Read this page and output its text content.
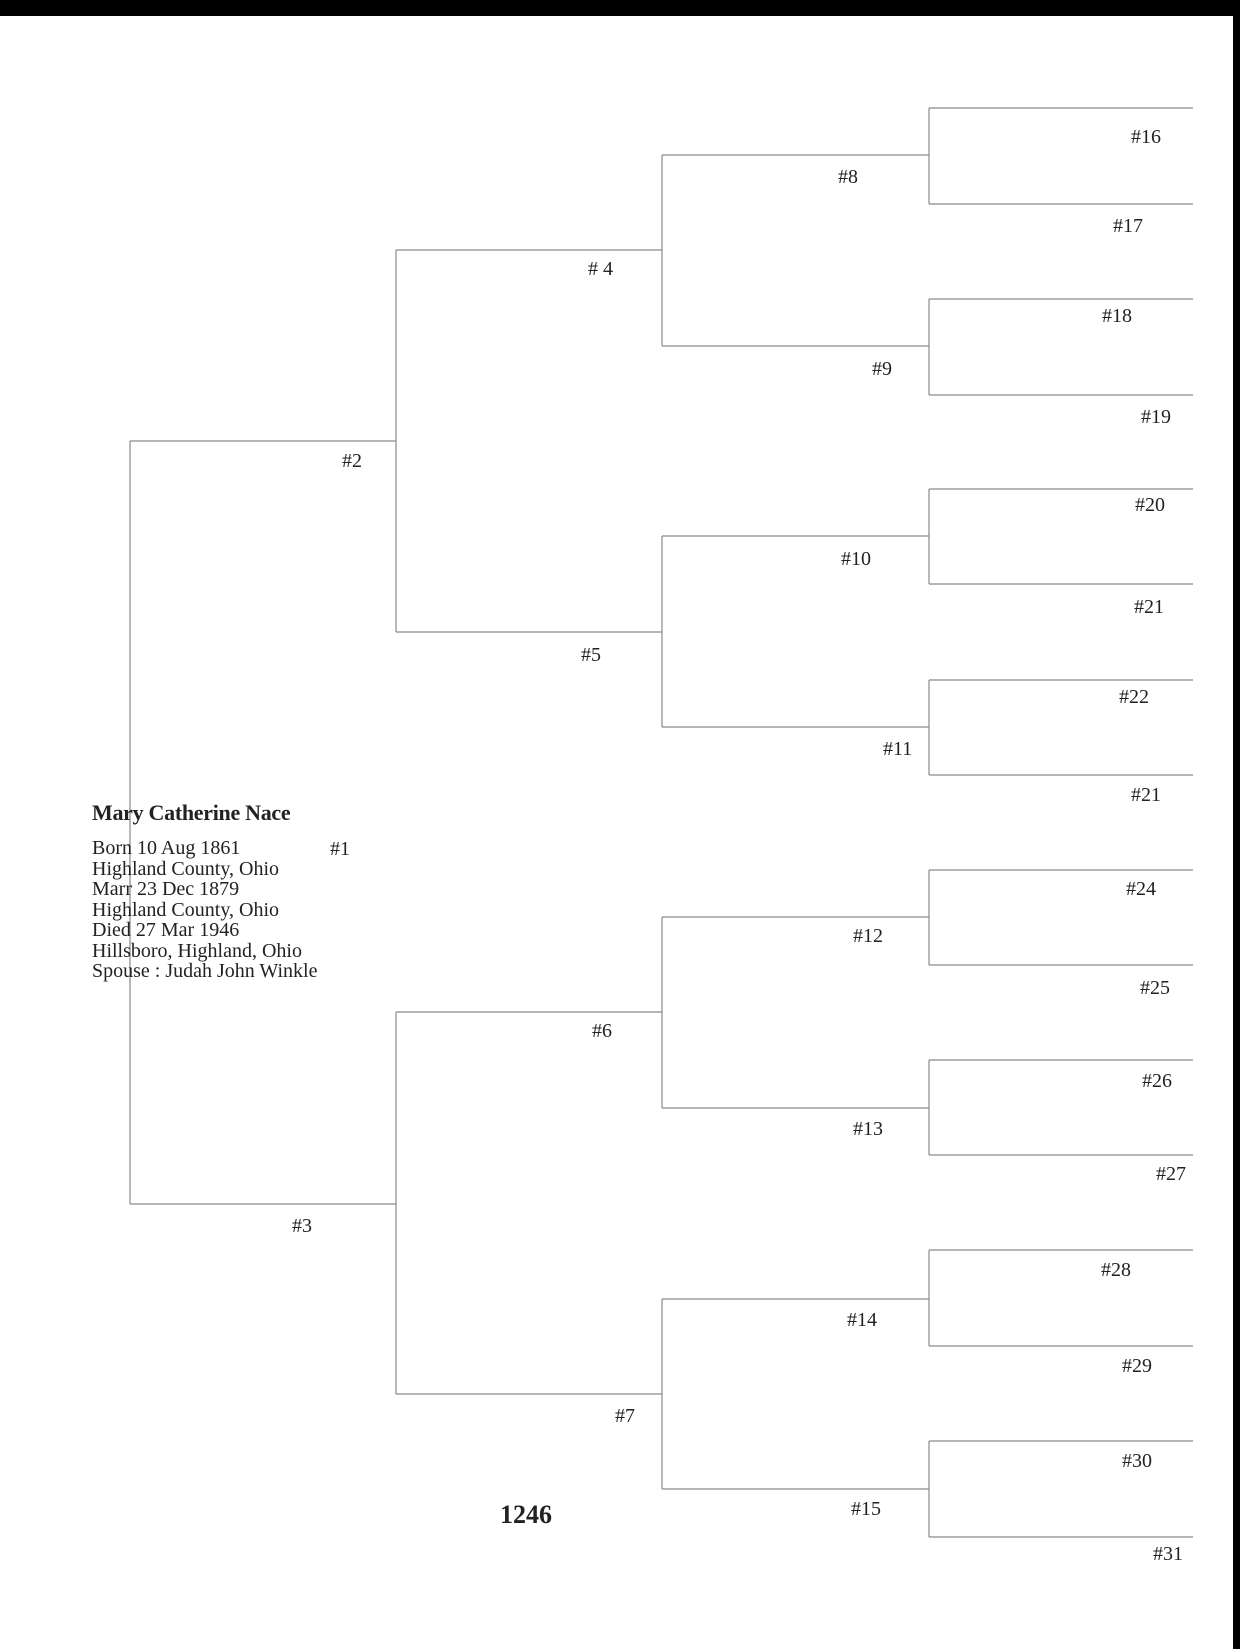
Mary Catherine Nace
Born 10 Aug 1861
Highland County, Ohio
Marr 23 Dec 1879
Highland County, Ohio
Died 27 Mar 1946
Hillsboro, Highland, Ohio
Spouse : Judah John Winkle
#1
#2
#3
# 4
#5
#6
#7
#8
#9
#10
#11
#12
#13
#14
#15
#16
#17
#18
#19
#20
#21
#22
#21
#24
#25
#26
#27
#28
#29
#30
#31
1246
